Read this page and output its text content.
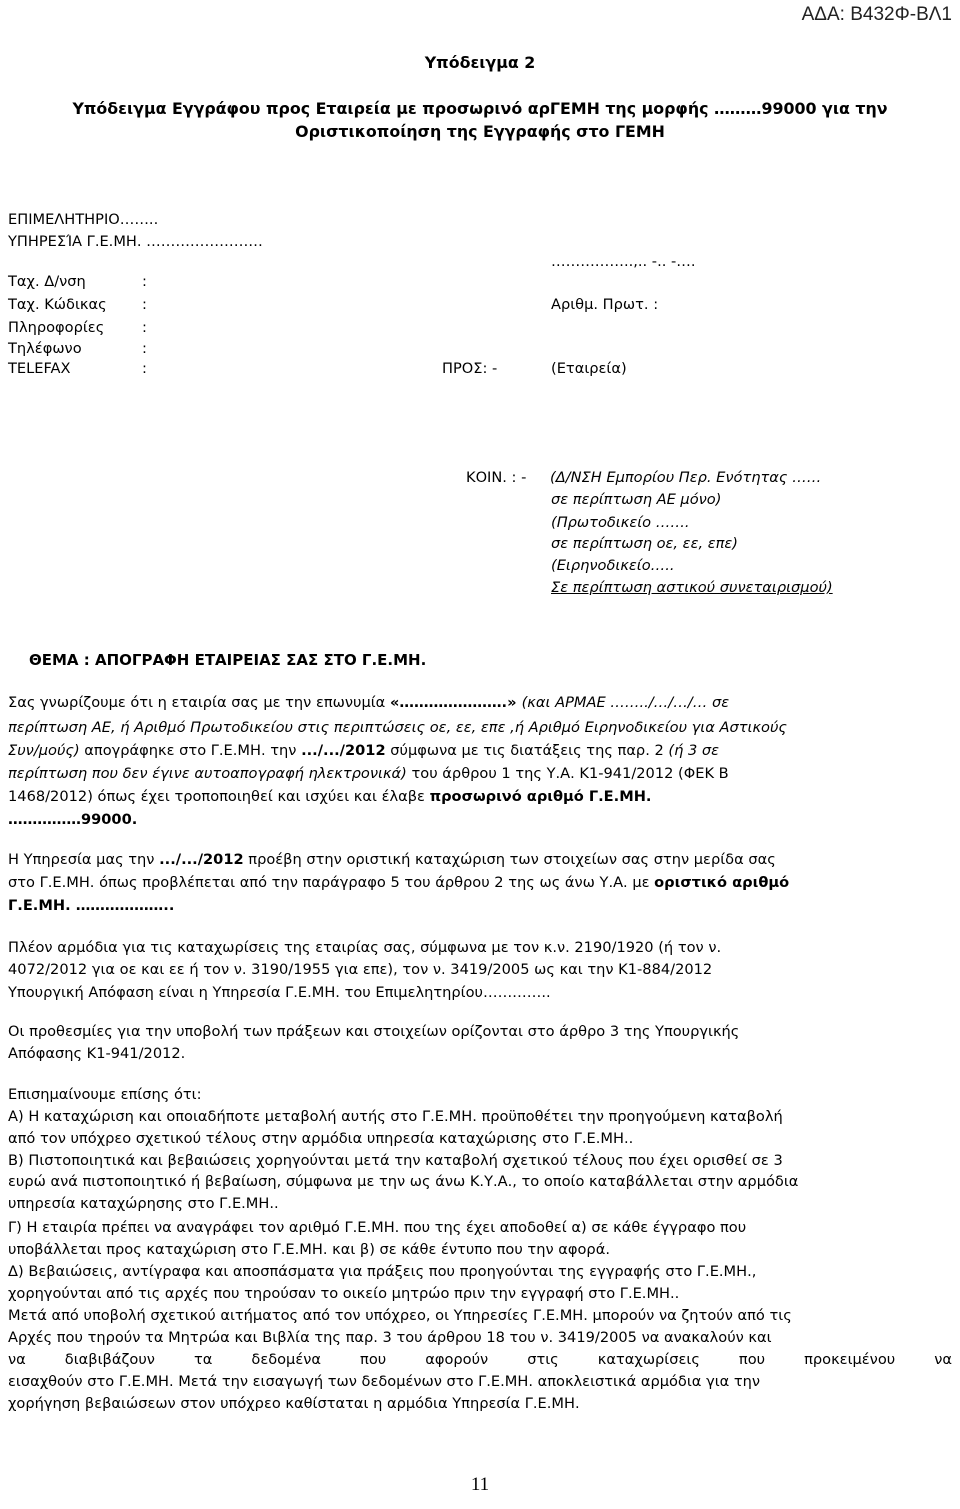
ΑΔΑ: Β432Φ-ΒΛ1
Υπόδειγμα 2
Υπόδειγμα Εγγράφου προς Εταιρεία με προσωρινό αρΓΕΜΗ της μορφής ………99000 για την
Οριστικοποίηση της Εγγραφής στο ΓΕΜΗ
ΕΠΙΜΕΛΗΤΗΡΙΟ……..
ΥΠΗΡΕΣΊΑ Γ.Ε.ΜΗ. ……………………
……………..,.. -.. -….
Ταχ. Δ/νση	:
Ταχ. Κώδικας :
Πληροφορίες	:
Τηλέφωνο	:
TELEFAX	:
Αριθμ. Πρωτ. :
ΠΡΟΣ: -	(Εταιρεία)
ΚΟΙΝ. : - (Δ/ΝΣΗ Εμπορίου Περ. Ενότητας ……
σε περίπτωση ΑΕ μόνο)
(Πρωτοδικείο …….
σε περίπτωση οε, εε, επε)
(Ειρηνοδικείο…..
Σε περίπτωση αστικού συνεταιρισμού)
ΘΕΜΑ : ΑΠΟΓΡΑΦΗ ΕΤΑΙΡΕΙΑΣ ΣΑΣ ΣΤΟ Γ.Ε.ΜΗ.
Σας γνωρίζουμε ότι η εταιρία σας με την επωνυμία «………………….» (και ΑΡΜΑΕ ……../…/…/… σε
περίπτωση ΑΕ, ή Αριθμό Πρωτοδικείου στις περιπτώσεις οε, εε, επε ,ή Αριθμό Ειρηνοδικείου για Αστικούς
Συν/μούς) απογράφηκε στο Γ.Ε.ΜΗ. την .../.../2012 σύμφωνα με τις διατάξεις της παρ. 2 (ή 3 σε
περίπτωση που δεν έγινε αυτοαπογραφή ηλεκτρονικά) του άρθρου 1 της Υ.Α. Κ1-941/2012 (ΦΕΚ Β
1468/2012) όπως έχει τροποποιηθεί και ισχύει και έλαβε προσωρινό αριθμό Γ.Ε.ΜΗ.
……………99000.
Η Υπηρεσία μας την .../.../2012 προέβη στην οριστική καταχώριση των στοιχείων σας στην μερίδα σας
στο Γ.Ε.ΜΗ. όπως προβλέπεται από την παράγραφο 5 του άρθρου 2 της ως άνω Υ.Α. με οριστικό αριθμό
Γ.Ε.ΜΗ. ………………..
Πλέον αρμόδια για τις καταχωρίσεις της εταιρίας σας, σύμφωνα με τον κ.ν. 2190/1920 (ή τον ν.
4072/2012 για οε και εε ή τον ν. 3190/1955 για επε), τον ν. 3419/2005 ως και την Κ1-884/2012
Υπουργική Απόφαση είναι η Υπηρεσία Γ.Ε.ΜΗ. του Επιμελητηρίου…………..
Οι προθεσμίες για την υποβολή των πράξεων και στοιχείων ορίζονται στο άρθρο 3 της Υπουργικής
Απόφασης Κ1-941/2012.
Επισημαίνουμε επίσης ότι:
Α) Η καταχώριση και οποιαδήποτε μεταβολή αυτής στο Γ.Ε.ΜΗ. προϋποθέτει την προηγούμενη καταβολή
από τον υπόχρεο σχετικού τέλους στην αρμόδια υπηρεσία καταχώρισης στο Γ.Ε.ΜΗ..
Β) Πιστοποιητικά και βεβαιώσεις χορηγούνται μετά την καταβολή σχετικού τέλους που έχει ορισθεί σε 3
ευρώ ανά πιστοποιητικό ή βεβαίωση, σύμφωνα με την ως άνω Κ.Υ.Α., το οποίο καταβάλλεται στην αρμόδια
υπηρεσία καταχώρησης στο Γ.Ε.ΜΗ..
Γ) Η εταιρία πρέπει να αναγράφει τον αριθμό Γ.Ε.ΜΗ. που της έχει αποδοθεί α) σε κάθε έγγραφο που
υποβάλλεται προς καταχώριση στο Γ.Ε.ΜΗ. και β) σε κάθε έντυπο που την αφορά.
Δ) Βεβαιώσεις, αντίγραφα και αποσπάσματα για πράξεις που προηγούνται της εγγραφής στο Γ.Ε.ΜΗ.,
χορηγούνται από τις αρχές που τηρούσαν το οικείο μητρώο πριν την εγγραφή στο Γ.Ε.ΜΗ..
Μετά από υποβολή σχετικού αιτήματος από τον υπόχρεο, οι Υπηρεσίες Γ.Ε.ΜΗ. μπορούν να ζητούν από τις
Αρχές που τηρούν τα Μητρώα και Βιβλία της παρ. 3 του άρθρου 18 του ν. 3419/2005 να ανακαλούν και
να διαβιβάζουν τα δεδομένα που αφορούν στις καταχωρίσεις που προκειμένου να
εισαχθούν στο Γ.Ε.ΜΗ. Μετά την εισαγωγή των δεδομένων στο Γ.Ε.ΜΗ. αποκλειστικά αρμόδια για την
χορήγηση βεβαιώσεων στον υπόχρεο καθίσταται η αρμόδια Υπηρεσία Γ.Ε.ΜΗ.
11
